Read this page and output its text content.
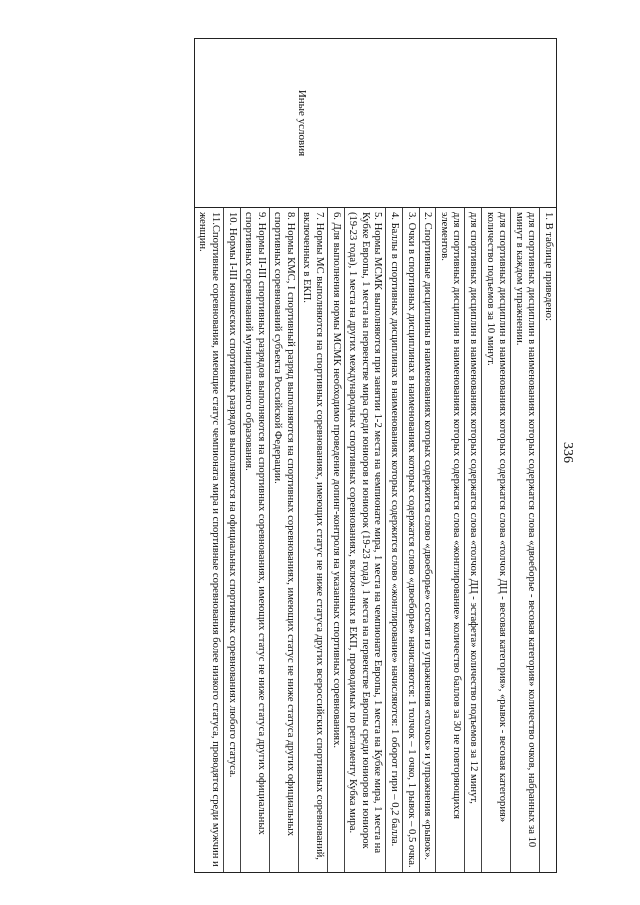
336
Иные условия

1. В таблице приведено:

для спортивных дисциплин в наименованиях которых содержатся слова «двоеборье - весовая категория» количество очков, набранных за 10 минут в каждом упражнении.

для спортивных дисциплин в наименованиях которых содержатся слова «толчок ДЦ - весовая категория», «рывок - весовая категория» количество подъемов за 10 минут.

для спортивных дисциплин в наименованиях которых содержатся слова «толчок ДЦ - эстафета» количество подъемов за 12 минут,

для спортивных дисциплин в наименованиях которых содержатся слова «жонглирование» количество баллов за 30 не повторяющихся элементов.

2. Спортивные дисциплины в наименованиях которых содержится слово «двоеборье» состоят из упражнения «толчок» и упражнения «рывок».

3. Очки в спортивных дисциплинах в наименованиях которых содержатся слово «двоеборье» начисляются: 1 толчок – 1 очко, 1 рывок – 0,5 очка.

4. Баллы в спортивных дисциплинах в наименованиях которых содержится слово «жонглирование» начисляются: 1 оборот гири – 0,2 балла.

5. Нормы МСМК выполняются при занятии 1-2 места на чемпионате мира, 1 места на чемпионате Европы, 1 места на Кубке мира, 1 места на Кубке Европы, 1 места на первенстве мира среди юниоров и юниорок (19-23 года), 1 места на первенстве Европы среди юниоров и юниорок (19-23 года), 1 места на других международных спортивных соревнованиях, включенных в ЕКП, проводимых по регламенту Кубка мира.

6. Для выполнения нормы МСМК необходимо проведение допинг-контроля на указанных спортивных соревнованиях.

7. Нормы МС выполняются на спортивных соревнованиях, имеющих статус не ниже статуса других всероссийских спортивных соревнований, включенных в ЕКП.

8. Нормы КМС, I спортивный разряд выполняются на спортивных соревнованиях, имеющих статус не ниже статуса других официальных спортивных соревнований субъекта Российской Федерации.

9. Нормы II-III спортивных разрядов выполняются на спортивных соревнованиях, имеющих статус не ниже статуса других официальных спортивных соревнований муниципального образования.

10. Нормы I-III юношеских спортивных разрядов выполняются на официальных спортивных соревнованиях любого статуса.

11.Спортивные соревнования, имеющие статус чемпионата мира и спортивные соревнования более низкого статуса, проводятся среди мужчин и женщин.
